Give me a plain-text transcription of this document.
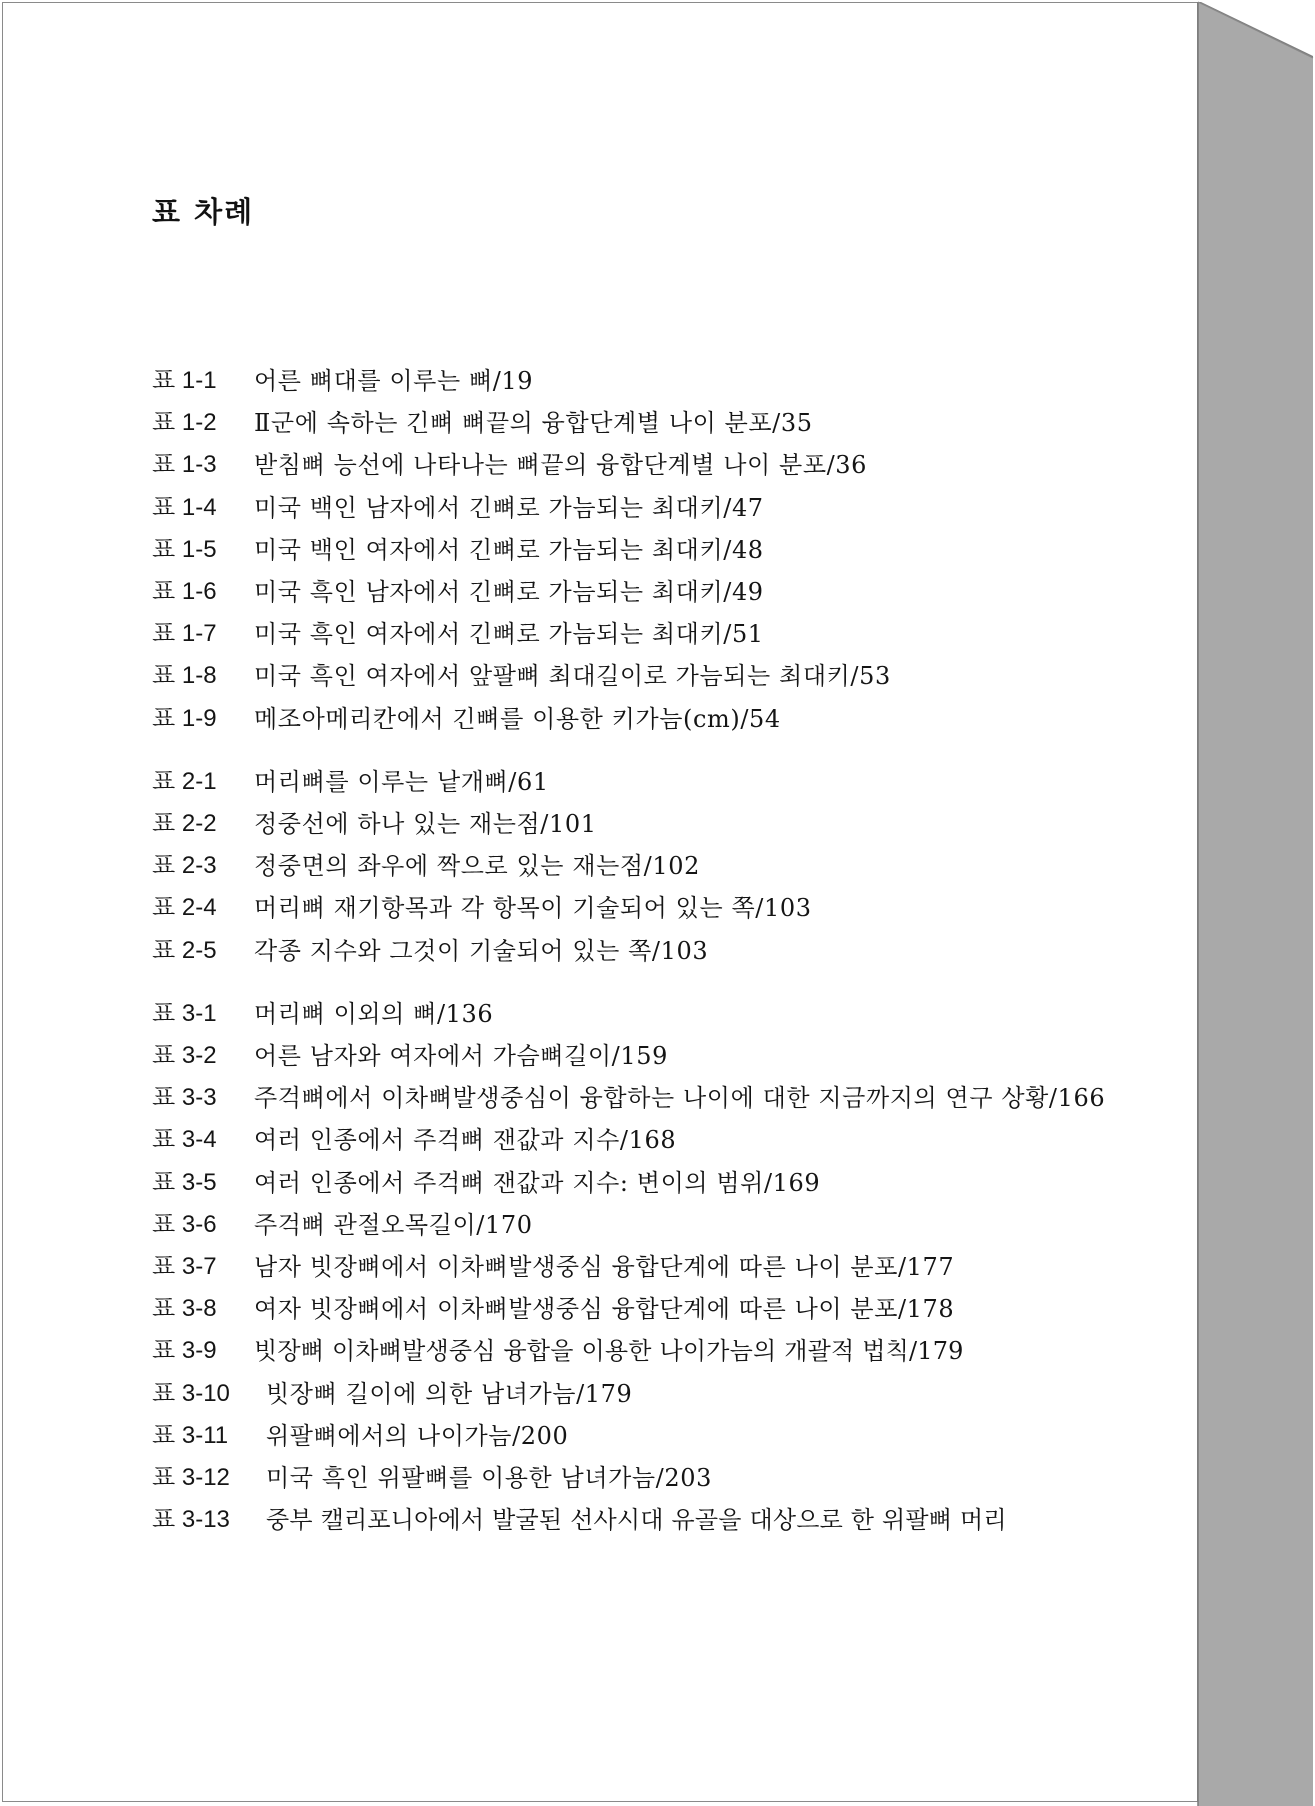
표 차례
표 1-1	어른 뼈대를 이루는 뼈/19
표 1-2	Ⅱ군에 속하는 긴뼈 뼈끝의 융합단계별 나이 분포/35
표 1-3	받침뼈 능선에 나타나는 뼈끝의 융합단계별 나이 분포/36
표 1-4	미국 백인 남자에서 긴뼈로 가늠되는 최대키/47
표 1-5	미국 백인 여자에서 긴뼈로 가늠되는 최대키/48
표 1-6	미국 흑인 남자에서 긴뼈로 가늠되는 최대키/49
표 1-7	미국 흑인 여자에서 긴뼈로 가늠되는 최대키/51
표 1-8	미국 흑인 여자에서 앞팔뼈 최대길이로 가늠되는 최대키/53
표 1-9	메조아메리칸에서 긴뼈를 이용한 키가늠(cm)/54
표 2-1	머리뼈를 이루는 낱개뼈/61
표 2-2	정중선에 하나 있는 재는점/101
표 2-3	정중면의 좌우에 짝으로 있는 재는점/102
표 2-4	머리뼈 재기항목과 각 항목이 기술되어 있는 쪽/103
표 2-5	각종 지수와 그것이 기술되어 있는 쪽/103
표 3-1	머리뼈 이외의 뼈/136
표 3-2	어른 남자와 여자에서 가슴뼈길이/159
표 3-3	주걱뼈에서 이차뼈발생중심이 융합하는 나이에 대한 지금까지의 연구 상황/166
표 3-4	여러 인종에서 주걱뼈 잰값과 지수/168
표 3-5	여러 인종에서 주걱뼈 잰값과 지수: 변이의 범위/169
표 3-6	주걱뼈 관절오목길이/170
표 3-7	남자 빗장뼈에서 이차뼈발생중심 융합단계에 따른 나이 분포/177
표 3-8	여자 빗장뼈에서 이차뼈발생중심 융합단계에 따른 나이 분포/178
표 3-9	빗장뼈 이차뼈발생중심 융합을 이용한 나이가늠의 개괄적 법칙/179
표 3-10	빗장뼈 길이에 의한 남녀가늠/179
표 3-11	위팔뼈에서의 나이가늠/200
표 3-12	미국 흑인 위팔뼈를 이용한 남녀가늠/203
표 3-13	중부 캘리포니아에서 발굴된 선사시대 유골을 대상으로 한 위팔뼈 머리
